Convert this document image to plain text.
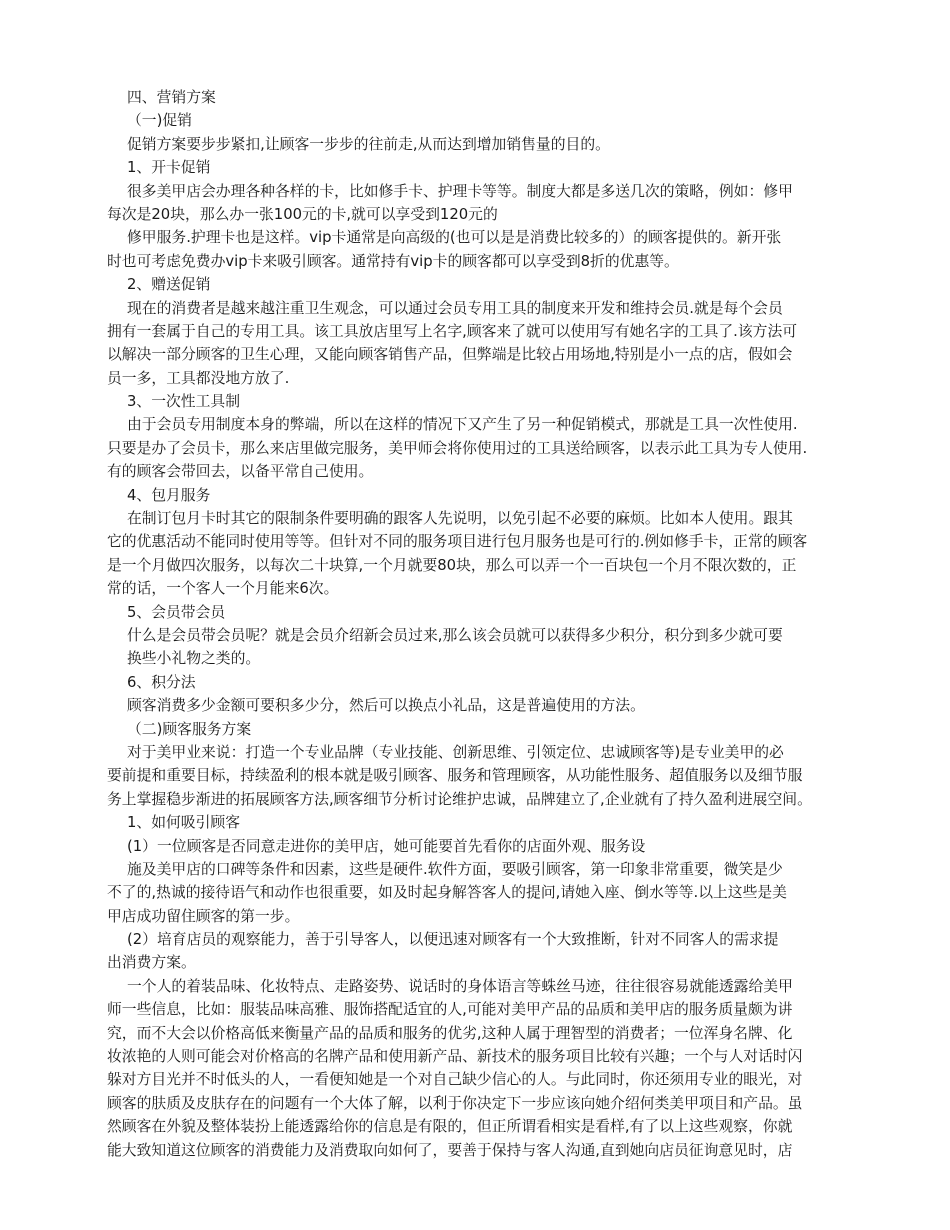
四、营销方案
（一)促销
促销方案要步步紧扣,让顾客一步步的往前走,从而达到增加销售量的目的。
1、开卡促销
很多美甲店会办理各种各样的卡，比如修手卡、护理卡等等。制度大都是多送几次的策略，例如：修甲
每次是20块，那么办一张100元的卡,就可以享受到120元的
修甲服务.护理卡也是这样。vip卡通常是向高级的(也可以是是消费比较多的）的顾客提供的。新开张
时也可考虑免费办vip卡来吸引顾客。通常持有vip卡的顾客都可以享受到8折的优惠等。
2、赠送促销
现在的消费者是越来越注重卫生观念，可以通过会员专用工具的制度来开发和维持会员.就是每个会员
拥有一套属于自己的专用工具。该工具放店里写上名字,顾客来了就可以使用写有她名字的工具了.该方法可
以解决一部分顾客的卫生心理，又能向顾客销售产品，但弊端是比较占用场地,特别是小一点的店，假如会
员一多，工具都没地方放了.
3、一次性工具制
由于会员专用制度本身的弊端，所以在这样的情况下又产生了另一种促销模式，那就是工具一次性使用.
只要是办了会员卡，那么来店里做完服务，美甲师会将你使用过的工具送给顾客，以表示此工具为专人使用.
有的顾客会带回去，以备平常自己使用。
4、包月服务
在制订包月卡时其它的限制条件要明确的跟客人先说明，以免引起不必要的麻烦。比如本人使用。跟其
它的优惠活动不能同时使用等等。但针对不同的服务项目进行包月服务也是可行的.例如修手卡，正常的顾客
是一个月做四次服务，以每次二十块算,一个月就要80块，那么可以弄一个一百块包一个月不限次数的，正
常的话，一个客人一个月能来6次。
5、会员带会员
什么是会员带会员呢？就是会员介绍新会员过来,那么该会员就可以获得多少积分，积分到多少就可要
换些小礼物之类的。
6、积分法
顾客消费多少金额可要积多少分，然后可以换点小礼品，这是普遍使用的方法。
（二)顾客服务方案
对于美甲业来说：打造一个专业品牌（专业技能、创新思维、引领定位、忠诚顾客等)是专业美甲的必
要前提和重要目标，持续盈利的根本就是吸引顾客、服务和管理顾客，从功能性服务、超值服务以及细节服
务上掌握稳步渐进的拓展顾客方法,顾客细节分析讨论维护忠诚，品牌建立了,企业就有了持久盈利进展空间。
1、如何吸引顾客
(1）一位顾客是否同意走进你的美甲店，她可能要首先看你的店面外观、服务设
施及美甲店的口碑等条件和因素，这些是硬件.软件方面，要吸引顾客，第一印象非常重要，微笑是少
不了的,热诚的接待语气和动作也很重要，如及时起身解答客人的提问,请她入座、倒水等等.以上这些是美
甲店成功留住顾客的第一步。
(2）培育店员的观察能力，善于引导客人，以便迅速对顾客有一个大致推断，针对不同客人的需求提
出消费方案。
一个人的着装品味、化妆特点、走路姿势、说话时的身体语言等蛛丝马迹，往往很容易就能透露给美甲
师一些信息，比如：服装品味高雅、服饰搭配适宜的人,可能对美甲产品的品质和美甲店的服务质量颇为讲
究，而不大会以价格高低来衡量产品的品质和服务的优劣,这种人属于理智型的消费者；一位浑身名牌、化
妆浓艳的人则可能会对价格高的名牌产品和使用新产品、新技术的服务项目比较有兴趣；一个与人对话时闪
躲对方目光并不时低头的人，一看便知她是一个对自己缺少信心的人。与此同时，你还须用专业的眼光，对
顾客的肤质及皮肤存在的问题有一个大体了解，以利于你决定下一步应该向她介绍何类美甲项目和产品。虽
然顾客在外貌及整体装扮上能透露给你的信息是有限的，但正所谓看相实是看样,有了以上这些观察，你就
能大致知道这位顾客的消费能力及消费取向如何了，要善于保持与客人沟通,直到她向店员征询意见时，店
